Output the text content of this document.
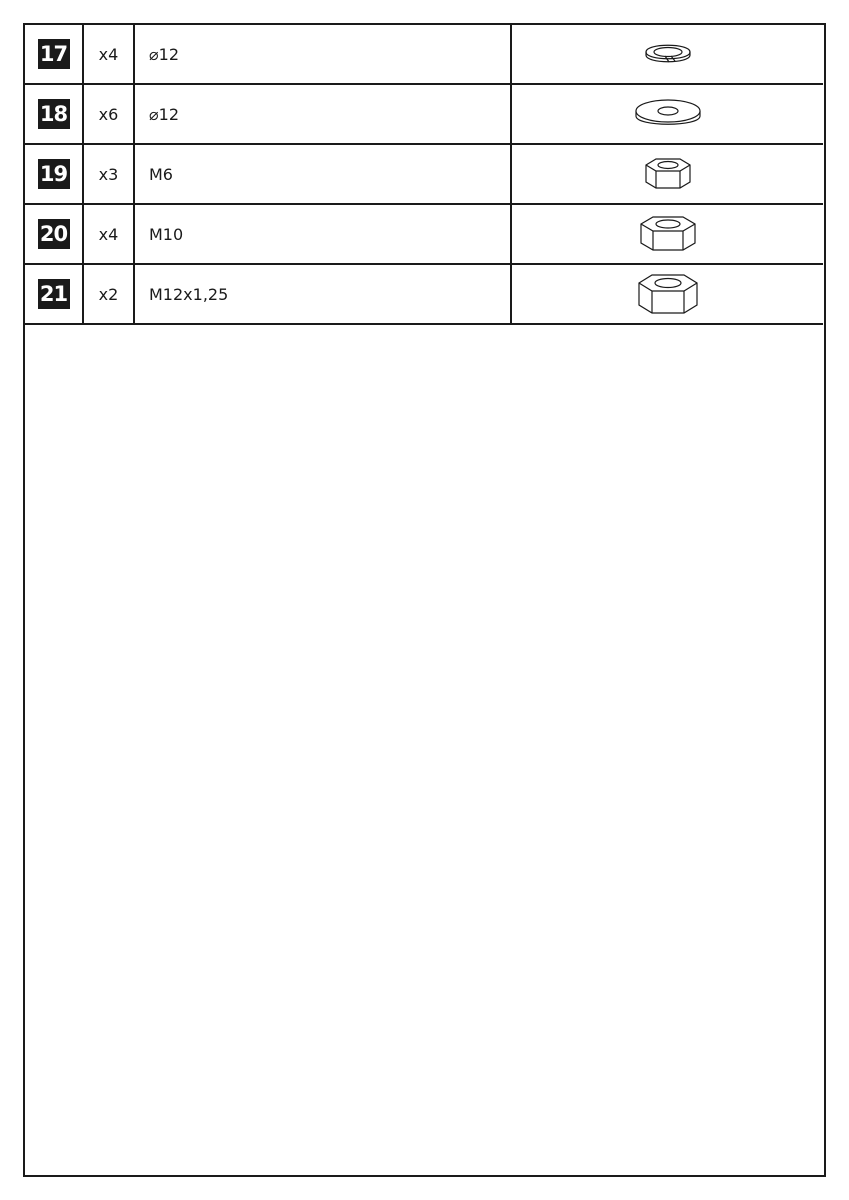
17	x4	⌀12

18	x6	⌀12

19	x3	M6

20	x4	M10

21	x2	M12x1,25
